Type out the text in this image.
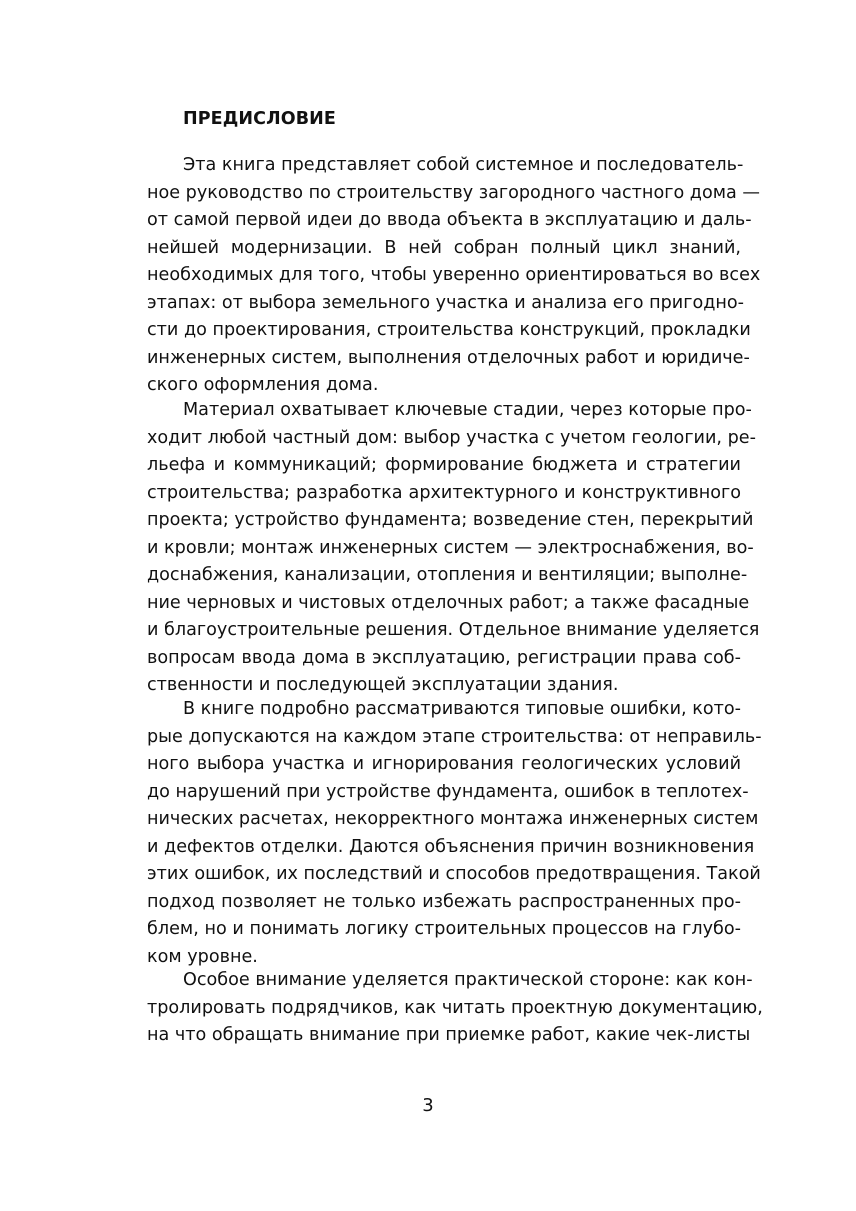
ПРЕДИСЛОВИЕ
Эта книга представляет собой системное и последователь-
ное руководство по строительству загородного частного дома —
от самой первой идеи до ввода объекта в эксплуатацию и даль-
нейшей модернизации. В ней собран полный цикл знаний,
необходимых для того, чтобы уверенно ориентироваться во всех
этапах: от выбора земельного участка и анализа его пригодно-
сти до проектирования, строительства конструкций, прокладки
инженерных систем, выполнения отделочных работ и юридиче-
ского оформления дома.
Материал охватывает ключевые стадии, через которые про-
ходит любой частный дом: выбор участка с учетом геологии, ре-
льефа и коммуникаций; формирование бюджета и стратегии
строительства; разработка архитектурного и конструктивного
проекта; устройство фундамента; возведение стен, перекрытий
и кровли; монтаж инженерных систем — электроснабжения, во-
доснабжения, канализации, отопления и вентиляции; выполне-
ние черновых и чистовых отделочных работ; а также фасадные
и благоустроительные решения. Отдельное внимание уделяется
вопросам ввода дома в эксплуатацию, регистрации права соб-
ственности и последующей эксплуатации здания.
В книге подробно рассматриваются типовые ошибки, кото-
рые допускаются на каждом этапе строительства: от неправиль-
ного выбора участка и игнорирования геологических условий
до нарушений при устройстве фундамента, ошибок в теплотех-
нических расчетах, некорректного монтажа инженерных систем
и дефектов отделки. Даются объяснения причин возникновения
этих ошибок, их последствий и способов предотвращения. Такой
подход позволяет не только избежать распространенных про-
блем, но и понимать логику строительных процессов на глубо-
ком уровне.
Особое внимание уделяется практической стороне: как кон-
тролировать подрядчиков, как читать проектную документацию,
на что обращать внимание при приемке работ, какие чек-листы
3
